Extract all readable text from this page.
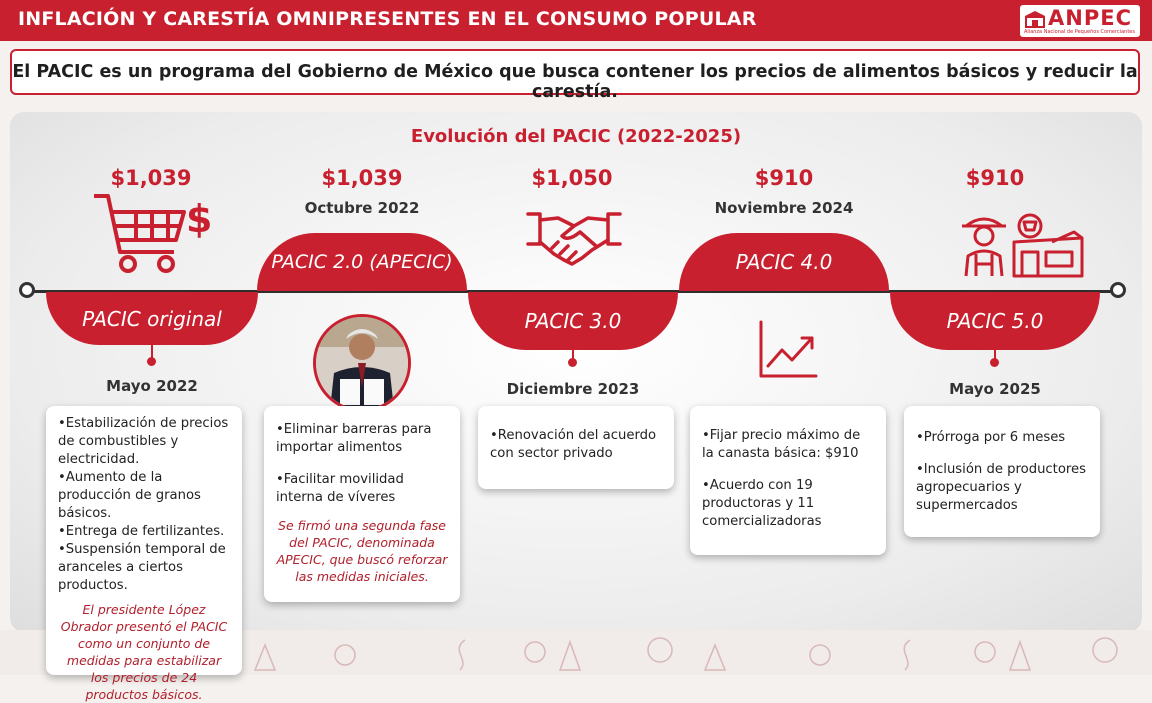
INFLACIÓN Y CARESTÍA OMNIPRESENTES EN EL CONSUMO POPULAR	ANPEC
Alianza Nacional de Pequeños Comerciantes
El PACIC es un programa del Gobierno de México que busca contener los precios de alimentos básicos y reducir la carestía.
Evolución del PACIC (2022-2025)
$1,039
$
PACIC original
Mayo 2022

•Estabilización de precios de combustibles y electricidad.

•Aumento de la producción de granos básicos.

•Entrega de fertilizantes.

•Suspensión temporal de aranceles a ciertos productos.

El presidente López Obrador presentó el PACIC como un conjunto de medidas para estabilizar los precios de 24 productos básicos.

$1,039
Octubre 2022
PACIC 2.0 (APECIC)

•Eliminar barreras para importar alimentos

•Facilitar movilidad interna de víveres

Se firmó una segunda fase del PACIC, denominada APECIC, que buscó reforzar las medidas iniciales.

$1,050
PACIC 3.0
Diciembre 2023

•Renovación del acuerdo con sector privado

$910
Noviembre 2024
PACIC 4.0

•Fijar precio máximo de la canasta básica: $910

•Acuerdo con 19 productoras y 11 comercializadoras

$910
PACIC 5.0
Mayo 2025

•Prórroga por 6 meses

•Inclusión de productores agropecuarios y supermercados
